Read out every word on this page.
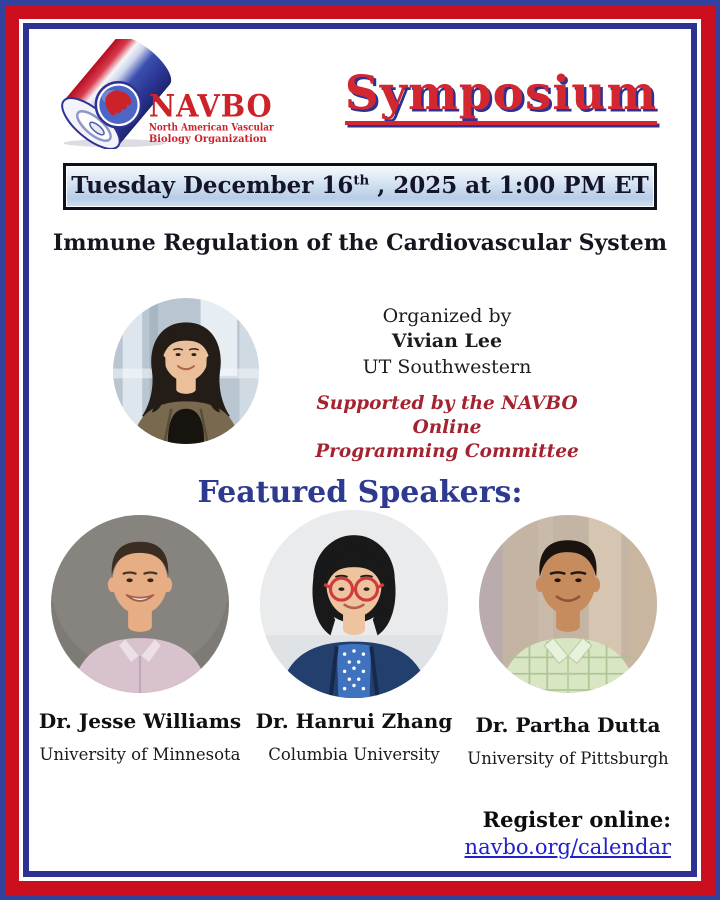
NAVBO
North American Vascular
Biology Organization
Symposium
Tuesday December 16th , 2025 at 1:00 PM ET
Immune Regulation of the Cardiovascular System
Organized by
Vivian Lee
UT Southwestern
Supported by the NAVBO Online
Programming Committee
Featured Speakers:
Dr. Jesse Williams
University of Minnesota
Dr. Hanrui Zhang
Columbia University
Dr. Partha Dutta
University of Pittsburgh
Register online:
navbo.org/calendar
